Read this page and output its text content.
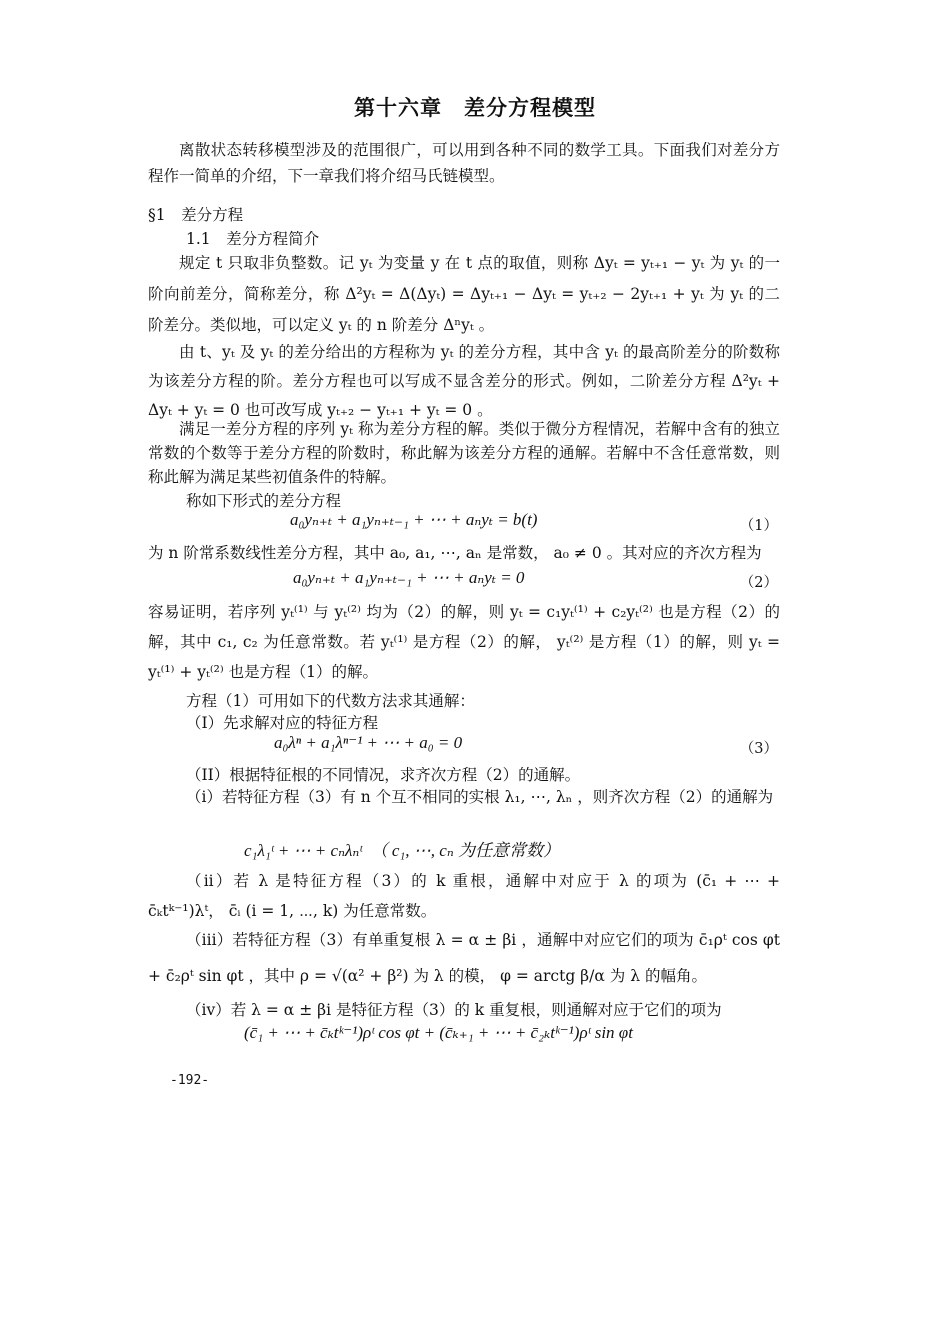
第十六章　差分方程模型

离散状态转移模型涉及的范围很广，可以用到各种不同的数学工具。下面我们对差分方程作一简单的介绍，下一章我们将介绍马氏链模型。

§1　差分方程
1.1　差分方程简介

规定 t 只取非负整数。记 yₜ 为变量 y 在 t 点的取值，则称 Δyₜ = yₜ₊₁ − yₜ 为 yₜ 的一阶向前差分，简称差分，称 Δ²yₜ = Δ(Δyₜ) = Δyₜ₊₁ − Δyₜ = yₜ₊₂ − 2yₜ₊₁ + yₜ 为 yₜ 的二阶差分。类似地，可以定义 yₜ 的 n 阶差分 Δⁿyₜ 。

由 t、yₜ 及 yₜ 的差分给出的方程称为 yₜ 的差分方程，其中含 yₜ 的最高阶差分的阶数称为该差分方程的阶。差分方程也可以写成不显含差分的形式。例如，二阶差分方程 Δ²yₜ + Δyₜ + yₜ = 0 也可改写成 yₜ₊₂ − yₜ₊₁ + yₜ = 0 。

满足一差分方程的序列 yₜ 称为差分方程的解。类似于微分方程情况，若解中含有的独立常数的个数等于差分方程的阶数时，称此解为该差分方程的通解。若解中不含任意常数，则称此解为满足某些初值条件的特解。

称如下形式的差分方程
a₀yₙ₊ₜ + a₁yₙ₊ₜ₋₁ + ⋯ + aₙyₜ = b(t)	（1）

为 n 阶常系数线性差分方程，其中 a₀, a₁, ⋯, aₙ 是常数， a₀ ≠ 0 。其对应的齐次方程为

a₀yₙ₊ₜ + a₁yₙ₊ₜ₋₁ + ⋯ + aₙyₜ = 0	（2）

容易证明，若序列 yₜ⁽¹⁾ 与 yₜ⁽²⁾ 均为（2）的解，则 yₜ = c₁yₜ⁽¹⁾ + c₂yₜ⁽²⁾ 也是方程（2）的解，其中 c₁, c₂ 为任意常数。若 yₜ⁽¹⁾ 是方程（2）的解， yₜ⁽²⁾ 是方程（1）的解，则 yₜ = yₜ⁽¹⁾ + yₜ⁽²⁾ 也是方程（1）的解。

方程（1）可用如下的代数方法求其通解：
（I）先求解对应的特征方程
a₀λⁿ + a₁λⁿ⁻¹ + ⋯ + a₀ = 0	（3）
（II）根据特征根的不同情况，求齐次方程（2）的通解。

（i）若特征方程（3）有 n 个互不相同的实根 λ₁, ⋯, λₙ ，则齐次方程（2）的通解为

c₁λ₁ᵗ + ⋯ + cₙλₙᵗ　（ c₁, ⋯, cₙ 为任意常数）

（ii）若 λ 是特征方程（3）的 k 重根，通解中对应于 λ 的项为 (c̄₁ + ⋯ + c̄ₖtᵏ⁻¹)λᵗ， c̄ᵢ (i = 1, ⋯, k) 为任意常数。

（iii）若特征方程（3）有单重复根 λ = α ± βi ，通解中对应它们的项为 c̄₁ρᵗ cos φt + c̄₂ρᵗ sin φt ，其中 ρ = √(α² + β²) 为 λ 的模， φ = arctg β/α 为 λ 的幅角。

（iv）若 λ = α ± βi 是特征方程（3）的 k 重复根，则通解对应于它们的项为
(c̄₁ + ⋯ + c̄ₖtᵏ⁻¹)ρᵗ cos φt + (c̄ₖ₊₁ + ⋯ + c̄₂ₖtᵏ⁻¹)ρᵗ sin φt
-192-
